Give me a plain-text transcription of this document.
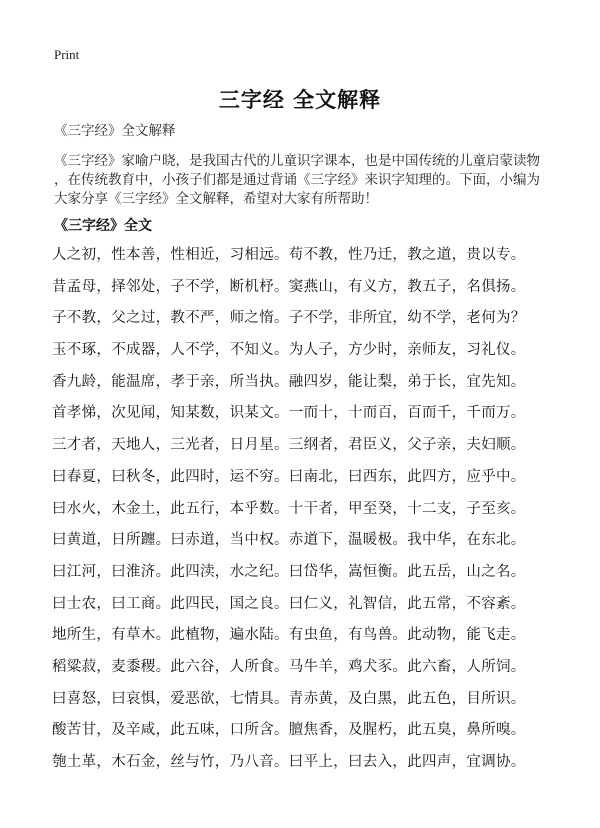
Print
三字经 全文解释
《三字经》全文解释
《三字经》家喻户晓，是我国古代的儿童识字课本，也是中国传统的儿童启蒙读物
，在传统教育中，小孩子们都是通过背诵《三字经》来识字知理的。下面，小编为
大家分享《三字经》全文解释，希望对大家有所帮助！
《三字经》全文
人之初，性本善，性相近，习相远。苟不教，性乃迁，教之道，贵以专。
昔孟母，择邻处，子不学，断机杼。窦燕山，有义方，教五子，名俱扬。
子不教，父之过，教不严，师之惰。子不学，非所宜，幼不学，老何为？
玉不琢，不成器，人不学，不知义。为人子，方少时，亲师友，习礼仪。
香九龄，能温席，孝于亲，所当执。融四岁，能让梨，弟于长，宜先知。
首孝悌，次见闻，知某数，识某文。一而十，十而百，百而千，千而万。
三才者，天地人，三光者，日月星。三纲者，君臣义，父子亲，夫妇顺。
曰春夏，曰秋冬，此四时，运不穷。曰南北，曰西东，此四方，应乎中。
曰水火，木金土，此五行，本乎数。十干者，甲至癸，十二支，子至亥。
曰黄道，日所躔。曰赤道，当中权。赤道下，温暖极。我中华，在东北。
曰江河，曰淮济。此四渎，水之纪。曰岱华，嵩恒衡。此五岳，山之名。
曰士农，曰工商。此四民，国之良。曰仁义，礼智信，此五常，不容紊。
地所生，有草木。此植物，遍水陆。有虫鱼，有鸟兽。此动物，能飞走。
稻粱菽，麦黍稷。此六谷，人所食。马牛羊，鸡犬豕。此六畜，人所饲。
曰喜怒，曰哀惧，爱恶欲，七情具。青赤黄，及白黑，此五色，目所识。
酸苦甘，及辛咸，此五味，口所含。膻焦香，及腥朽，此五臭，鼻所嗅。
匏土革，木石金，丝与竹，乃八音。曰平上，曰去入，此四声，宜调协。
